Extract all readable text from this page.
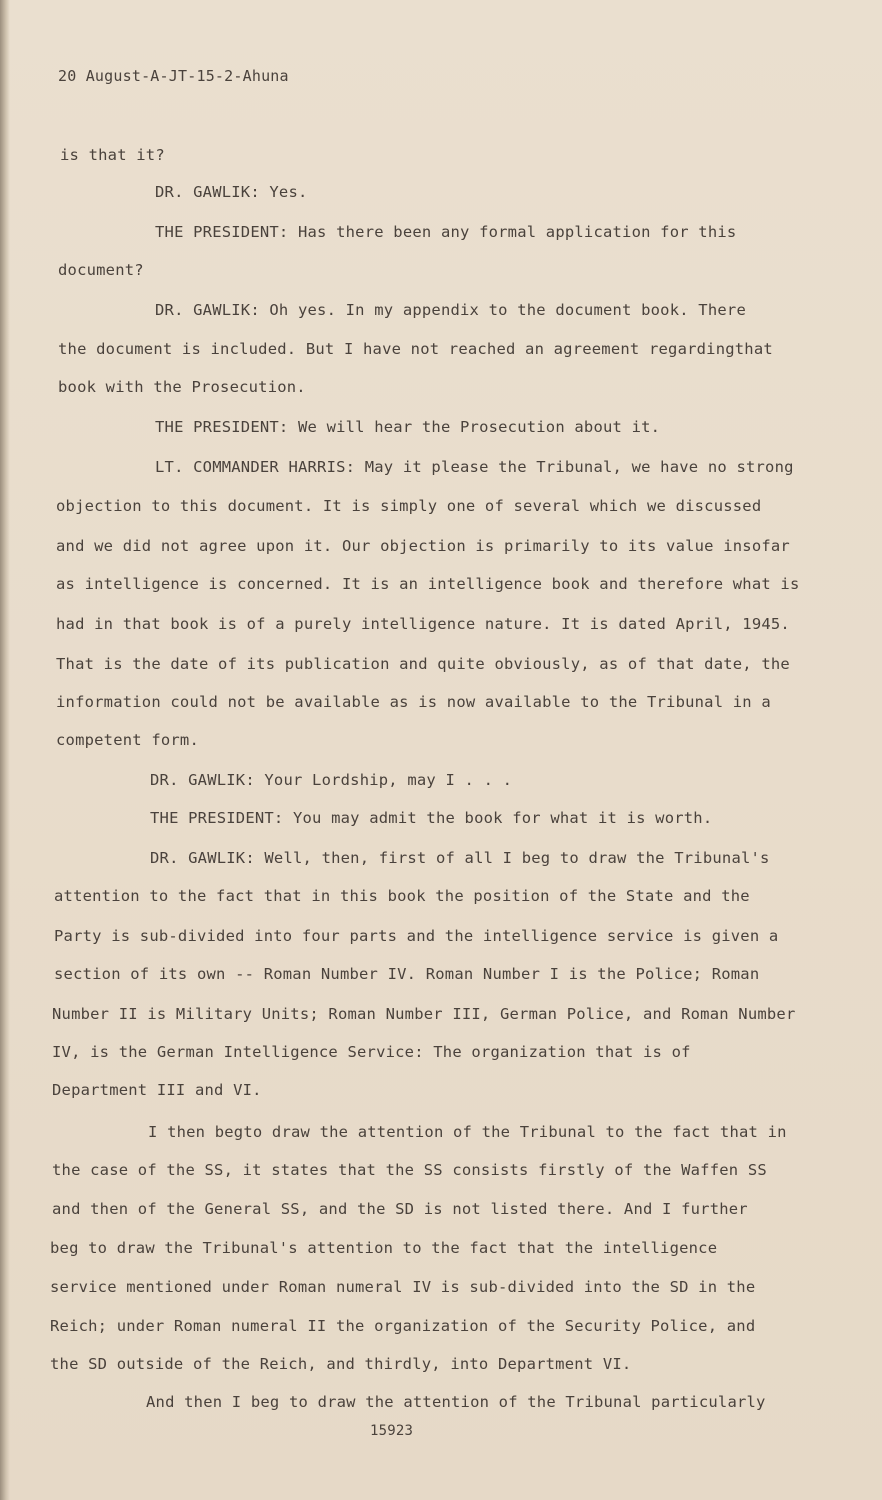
20 August-A-JT-15-2-Ahuna
is that it?
DR. GAWLIK: Yes.
THE PRESIDENT: Has there been any formal application for this
document?
DR. GAWLIK: Oh yes. In my appendix to the document book. There
the document is included. But I have not reached an agreement regardingthat
book with the Prosecution.
THE PRESIDENT: We will hear the Prosecution about it.
LT. COMMANDER HARRIS: May it please the Tribunal, we have no strong
objection to this document. It is simply one of several which we discussed
and we did not agree upon it. Our objection is primarily to its value insofar
as intelligence is concerned. It is an intelligence book and therefore what is
had in that book is of a purely intelligence nature. It is dated April, 1945.
That is the date of its publication and quite obviously, as of that date, the
information could not be available as is now available to the Tribunal in a
competent form.
DR. GAWLIK: Your Lordship, may I . . .
THE PRESIDENT: You may admit the book for what it is worth.
DR. GAWLIK: Well, then, first of all I beg to draw the Tribunal's
attention to the fact that in this book the position of the State and the
Party is sub-divided into four parts and the intelligence service is given a
section of its own -- Roman Number IV. Roman Number I is the Police; Roman
Number II is Military Units; Roman Number III, German Police, and Roman Number
IV, is the German Intelligence Service: The organization that is of
Department III and VI.
I then begto draw the attention of the Tribunal to the fact that in
the case of the SS, it states that the SS consists firstly of the Waffen SS
and then of the General SS, and the SD is not listed there. And I further
beg to draw the Tribunal's attention to the fact that the intelligence
service mentioned under Roman numeral IV is sub-divided into the SD in the
Reich; under Roman numeral II the organization of the Security Police, and
the SD outside of the Reich, and thirdly, into Department VI.
And then I beg to draw the attention of the Tribunal particularly
15923
